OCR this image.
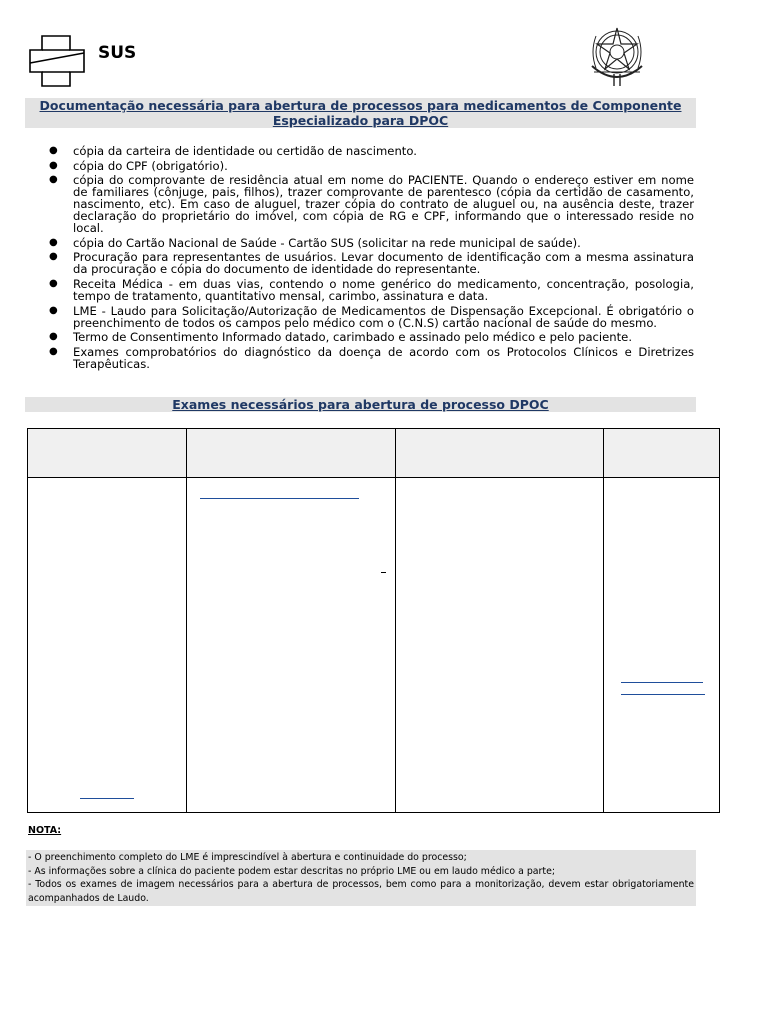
SUS
Documentação necessária para abertura de processos para medicamentos de Componente
Especializado para DPOC
● cópia da carteira de identidade ou certidão de nascimento.
● cópia do CPF (obrigatório).
● cópia do comprovante de residência atual em nome do PACIENTE. Quando o endereço estiver em nome de familiares (cônjuge, pais, filhos), trazer comprovante de parentesco (cópia da certidão de casamento, nascimento, etc). Em caso de aluguel, trazer cópia do contrato de aluguel ou, na ausência deste, trazer declaração do proprietário do imóvel, com cópia de RG e CPF, informando que o interessado reside no local.
● cópia do Cartão Nacional de Saúde - Cartão SUS (solicitar na rede municipal de saúde).
● Procuração para representantes de usuários. Levar documento de identificação com a mesma assinatura da procuração e cópia do documento de identidade do representante.
● Receita Médica - em duas vias, contendo o nome genérico do medicamento, concentração, posologia, tempo de tratamento, quantitativo mensal, carimbo, assinatura e data.
● LME - Laudo para Solicitação/Autorização de Medicamentos de Dispensação Excepcional. É obrigatório o preenchimento de todos os campos pelo médico com o (C.N.S) cartão nacional de saúde do mesmo.
● Termo de Consentimento Informado datado, carimbado e assinado pelo médico e pelo paciente.
● Exames comprobatórios do diagnóstico da doença de acordo com os Protocolos Clínicos e Diretrizes Terapêuticas.
Exames necessários para abertura de processo DPOC
NOTA:
- O preenchimento completo do LME é imprescindível à abertura e continuidade do processo;
- As informações sobre a clínica do paciente podem estar descritas no próprio LME ou em laudo médico a parte;
- Todos os exames de imagem necessários para a abertura de processos, bem como para a monitorização, devem estar obrigatoriamente acompanhados de Laudo.
